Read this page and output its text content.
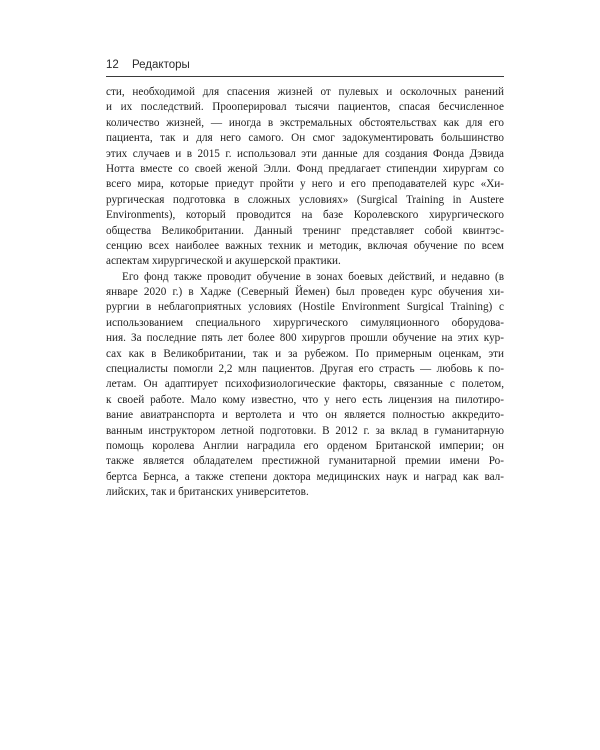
12 Редакторы

сти, необходимой для спасения жизней от пулевых и осколочных ранений
и их последствий. Прооперировал тысячи пациентов, спасая бесчисленное
количество жизней, — иногда в экстремальных обстоятельствах как для его
пациента, так и для него самого. Он смог задокументировать большинство
этих случаев и в 2015 г. использовал эти данные для создания Фонда Дэвида
Нотта вместе со своей женой Элли. Фонд предлагает стипендии хирургам со
всего мира, которые приедут пройти у него и его преподавателей курс «Хи-
рургическая подготовка в сложных условиях» (Surgical Training in Austere
Environments), который проводится на базе Королевского хирургического
общества Великобритании. Данный тренинг представляет собой квинтэс-
сенцию всех наиболее важных техник и методик, включая обучение по всем
аспектам хирургической и акушерской практики.

Его фонд также проводит обучение в зонах боевых действий, и недавно (в
январе 2020 г.) в Хадже (Северный Йемен) был проведен курс обучения хи-
рургии в неблагоприятных условиях (Hostile Environment Surgical Training) с
использованием специального хирургического симуляционного оборудова-
ния. За последние пять лет более 800 хирургов прошли обучение на этих кур-
сах как в Великобритании, так и за рубежом. По примерным оценкам, эти
специалисты помогли 2,2 млн пациентов. Другая его страсть — любовь к по-
летам. Он адаптирует психофизиологические факторы, связанные с полетом,
к своей работе. Мало кому известно, что у него есть лицензия на пилотиро-
вание авиатранспорта и вертолета и что он является полностью аккредито-
ванным инструктором летной подготовки. В 2012 г. за вклад в гуманитарную
помощь королева Англии наградила его орденом Британской империи; он
также является обладателем престижной гуманитарной премии имени Ро-
бертса Бернса, а также степени доктора медицинских наук и наград как вал-
лийских, так и британских университетов.
